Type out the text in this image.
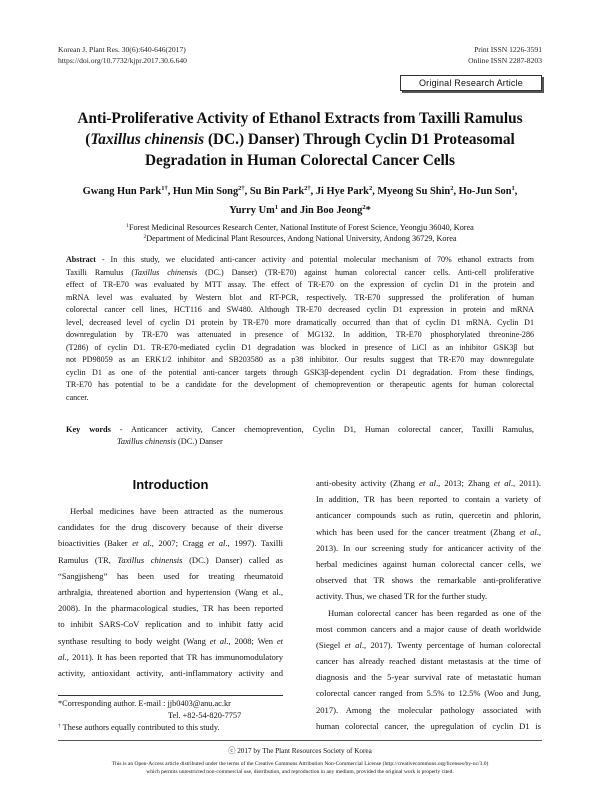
Korean J. Plant Res. 30(6):640-646(2017)
https://doi.org/10.7732/kjpr.2017.30.6.640
Print ISSN 1226-3591
Online ISSN 2287-8203
Original Research Article
Anti-Proliferative Activity of Ethanol Extracts from Taxilli Ramulus
(Taxillus chinensis (DC.) Danser) Through Cyclin D1 Proteasomal
Degradation in Human Colorectal Cancer Cells
Gwang Hun Park$^{1\dagger}$, Hun Min Song$^{2\dagger}$, Su Bin Park$^{2\dagger}$, Ji Hye Park$^2$, Myeong Su Shin$^2$, Ho-Jun Son$^1$,
Yurry Um$^1$ and Jin Boo Jeong$^2$*
$^1$Forest Medicinal Resources Research Center, National Institute of Forest Science, Yeongju 36040, Korea
$^2$Department of Medicinal Plant Resources, Andong National University, Andong 36729, Korea
Abstract - In this study, we elucidated anti-cancer activity and potential molecular mechanism of 70% ethanol extracts from
Taxilli Ramulus (Taxillus chinensis (DC.) Danser) (TR-E70) against human colorectal cancer cells. Anti-cell proliferative
effect of TR-E70 was evaluated by MTT assay. The effect of TR-E70 on the expression of cyclin D1 in the protein and
mRNA level was evaluated by Western blot and RT-PCR, respectively. TR-E70 suppressed the proliferation of human
colorectal cancer cell lines, HCT116 and SW480. Although TR-E70 decreased cyclin D1 expression in protein and mRNA
level, decreased level of cyclin D1 protein by TR-E70 more dramatically occurred than that of cyclin D1 mRNA. Cyclin D1
downregulation by TR-E70 was attenuated in presence of MG132. In addition, TR-E70 phosphorylated threonine-286
(T286) of cyclin D1. TR-E70-mediated cyclin D1 degradation was blocked in presence of LiCl as an inhibitor GSK3β but
not PD98059 as an ERK1/2 inhibitor and SB203580 as a p38 inhibitor. Our results suggest that TR-E70 may downregulate
cyclin D1 as one of the potential anti-cancer targets through GSK3β-dependent cyclin D1 degradation. From these findings,
TR-E70 has potential to be a candidate for the development of chemoprevention or therapeutic agents for human colorectal
cancer.
Key words - Anticancer activity, Cancer chemoprevention, Cyclin D1, Human colorectal cancer, Taxilli Ramulus,
Taxillus chinensis (DC.) Danser
Introduction
Herbal medicines have been attracted as the numerous
candidates for the drug discovery because of their diverse
bioactivities (Baker et al., 2007; Cragg et al., 1997). Taxilli
Ramulus (TR, Taxillus chinensis (DC.) Danser) called as
“Sangjisheng” has been used for treating rheumatoid
arthralgia, threatened abortion and hypertension (Wang et al.,
2008). In the pharmacological studies, TR has been reported
to inhibit SARS-CoV replication and to inhibit fatty acid
synthase resulting to body weight (Wang et al., 2008; Wen et
al., 2011). It has been reported that TR has immunomodulatory
activity, antioxidant activity, anti-inflammatory activity and
anti-obesity activity (Zhang et al., 2013; Zhang et al., 2011).
In addition, TR has been reported to contain a variety of
anticancer compounds such as rutin, quercetin and phlorin,
which has been used for the cancer treatment (Zhang et al.,
2013). In our screening study for anticancer activity of the
herbal medicines against human colorectal cancer cells, we
observed that TR shows the remarkable anti-proliferative
activity. Thus, we chased TR for the further study.
Human colorectal cancer has been regarded as one of the
most common cancers and a major cause of death worldwide
(Siegel et al., 2017). Twenty percentage of human colorectal
cancer has already reached distant metastasis at the time of
diagnosis and the 5-year survival rate of metastatic human
colorectal cancer ranged from 5.5% to 12.5% (Woo and Jung,
2017). Among the molecular pathology associated with
human colorectal cancer, the upregulation of cyclin D1 is
*Corresponding author. E-mail : jjb0403@anu.ac.kr
Tel. +82-54-820-7757
† These authors equally contributed to this study.
ⓒ 2017 by The Plant Resources Society of Korea
This is an Open-Access article distributed under the terms of the Creative Commons Attribution Non-Commercial License (http://creativecommons.org/licenses/by-nc/3.0)
which permits unrestricted non-commercial use, distribution, and reproduction in any medium, provided the original work is properly cited.
